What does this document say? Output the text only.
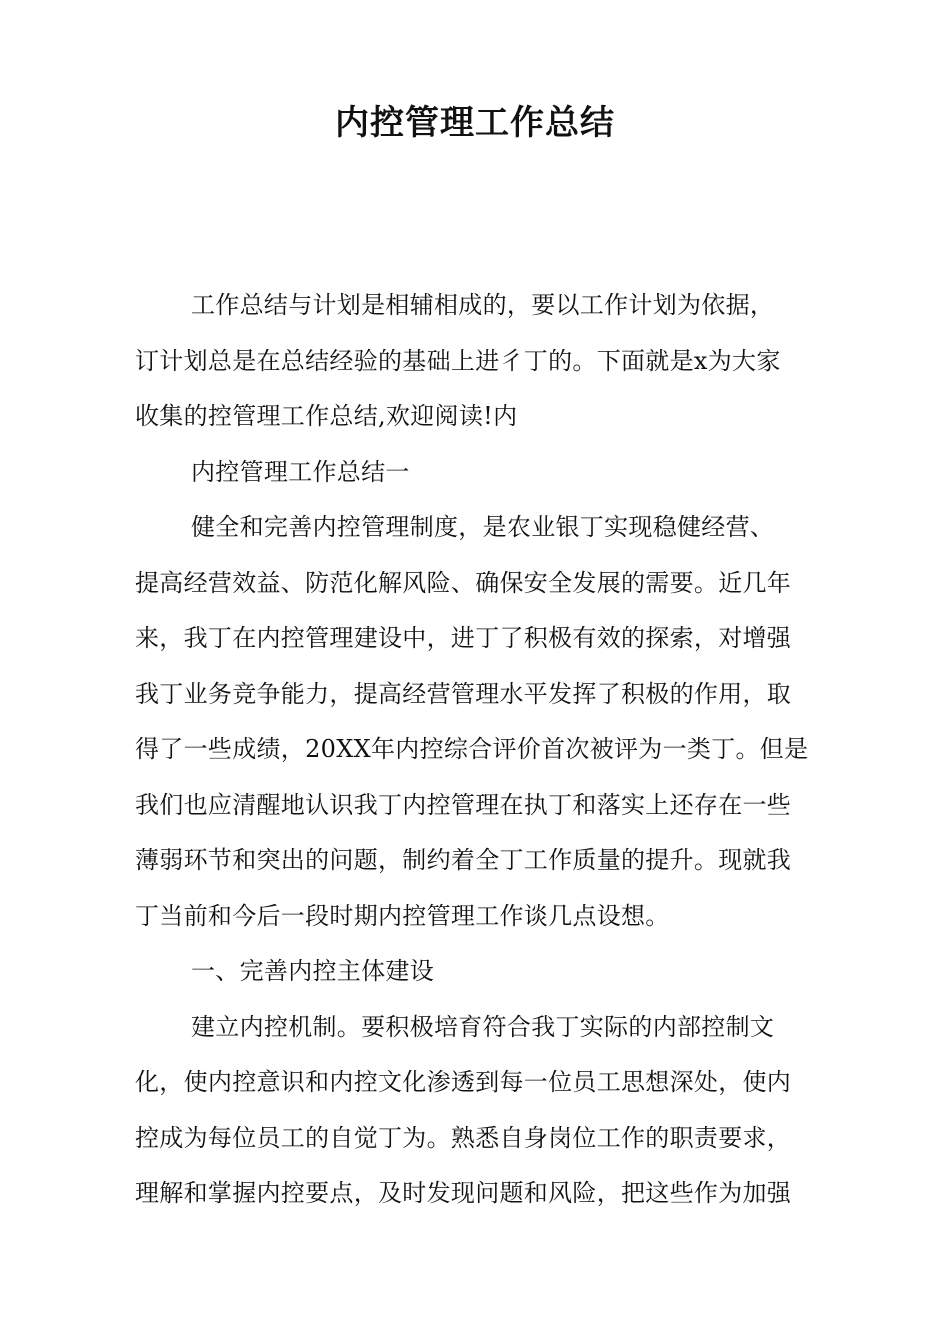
内控管理工作总结
工作总结与计划是相辅相成的，要以工作计划为依据，
订计划总是在总结经验的基础上进彳丁的。下面就是x为大家
收集的控管理工作总结,欢迎阅读!内
内控管理工作总结一
健全和完善内控管理制度，是农业银丁实现稳健经营、
提高经营效益、防范化解风险、确保安全发展的需要。近几年
来，我丁在内控管理建设中，进丁了积极有效的探索，对增强
我丁业务竞争能力，提高经营管理水平发挥了积极的作用，取
得了一些成绩，20XX年内控综合评价首次被评为一类丁。但是
我们也应清醒地认识我丁内控管理在执丁和落实上还存在一些
薄弱环节和突出的问题，制约着全丁工作质量的提升。现就我
丁当前和今后一段时期内控管理工作谈几点设想。
一、完善内控主体建设
建立内控机制。要积极培育符合我丁实际的内部控制文
化，使内控意识和内控文化渗透到每一位员工思想深处，使内
控成为每位员工的自觉丁为。熟悉自身岗位工作的职责要求，
理解和掌握内控要点，及时发现问题和风险，把这些作为加强
